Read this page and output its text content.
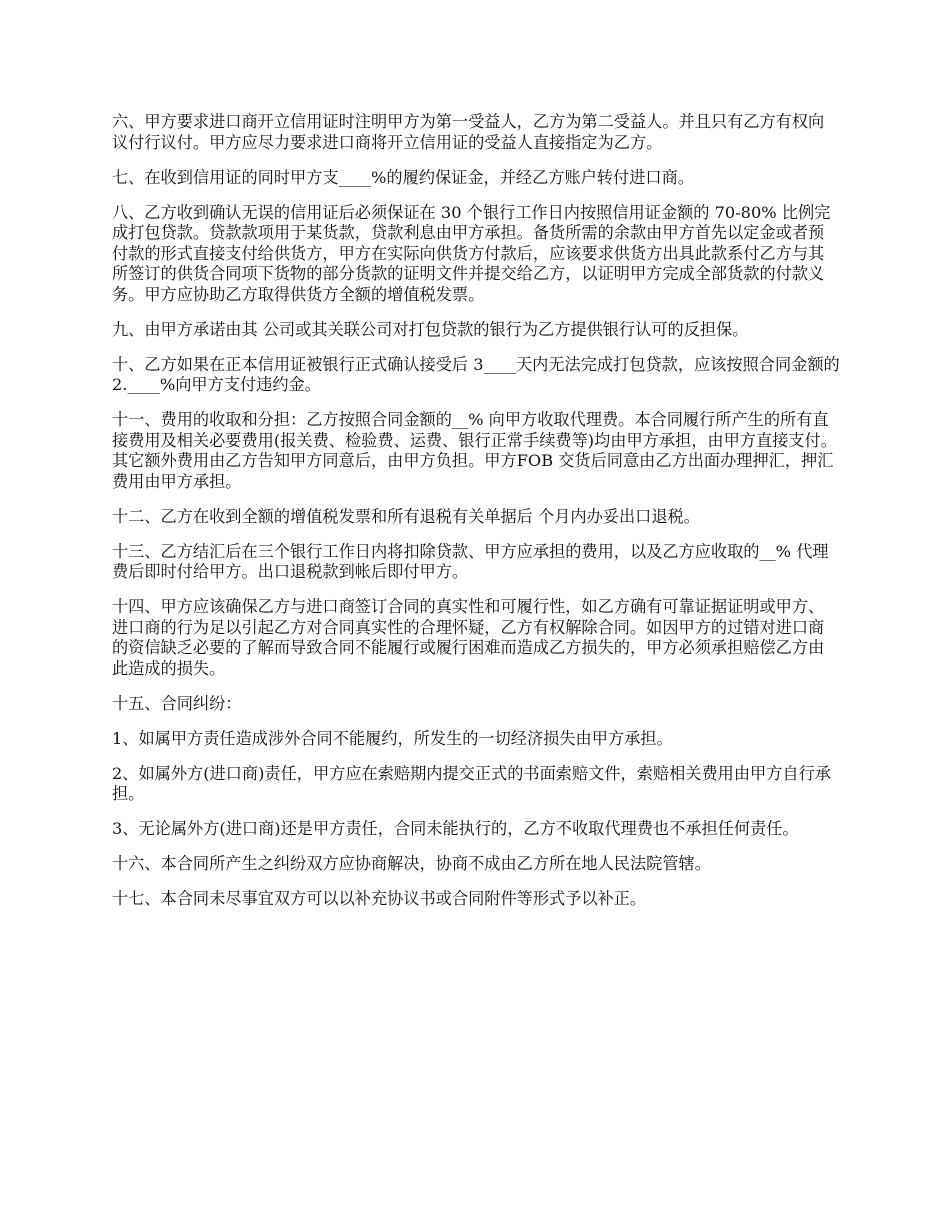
六、甲方要求进口商开立信用证时注明甲方为第一受益人，乙方为第二受益人。并且只有乙方有权向议付行议付。甲方应尽力要求进口商将开立信用证的受益人直接指定为乙方。

七、在收到信用证的同时甲方支____%的履约保证金，并经乙方账户转付进口商。

八、乙方收到确认无误的信用证后必须保证在 30 个银行工作日内按照信用证金额的 70-80% 比例完成打包贷款。贷款款项用于某货款，贷款利息由甲方承担。备货所需的余款由甲方首先以定金或者预付款的形式直接支付给供货方，甲方在实际向供货方付款后，应该要求供货方出具此款系付乙方与其所签订的供货合同项下货物的部分货款的证明文件并提交给乙方，以证明甲方完成全部货款的付款义务。甲方应协助乙方取得供货方全额的增值税发票。

九、由甲方承诺由其 公司或其关联公司对打包贷款的银行为乙方提供银行认可的反担保。

十、乙方如果在正本信用证被银行正式确认接受后 3____天内无法完成打包贷款，应该按照合同金额的 2.____%向甲方支付违约金。

十一、费用的收取和分担：乙方按照合同金额的__% 向甲方收取代理费。本合同履行所产生的所有直接费用及相关必要费用(报关费、检验费、运费、银行正常手续费等)均由甲方承担，由甲方直接支付。其它额外费用由乙方告知甲方同意后，由甲方负担。甲方FOB 交货后同意由乙方出面办理押汇，押汇费用由甲方承担。

十二、乙方在收到全额的增值税发票和所有退税有关单据后 个月内办妥出口退税。

十三、乙方结汇后在三个银行工作日内将扣除贷款、甲方应承担的费用，以及乙方应收取的__% 代理费后即时付给甲方。出口退税款到帐后即付甲方。

十四、甲方应该确保乙方与进口商签订合同的真实性和可履行性，如乙方确有可靠证据证明或甲方、进口商的行为足以引起乙方对合同真实性的合理怀疑，乙方有权解除合同。如因甲方的过错对进口商的资信缺乏必要的了解而导致合同不能履行或履行困难而造成乙方损失的，甲方必须承担赔偿乙方由此造成的损失。

十五、合同纠纷：

1、如属甲方责任造成涉外合同不能履约，所发生的一切经济损失由甲方承担。

2、如属外方(进口商)责任，甲方应在索赔期内提交正式的书面索赔文件，索赔相关费用由甲方自行承担。

3、无论属外方(进口商)还是甲方责任，合同未能执行的，乙方不收取代理费也不承担任何责任。

十六、本合同所产生之纠纷双方应协商解决，协商不成由乙方所在地人民法院管辖。

十七、本合同未尽事宜双方可以以补充协议书或合同附件等形式予以补正。
